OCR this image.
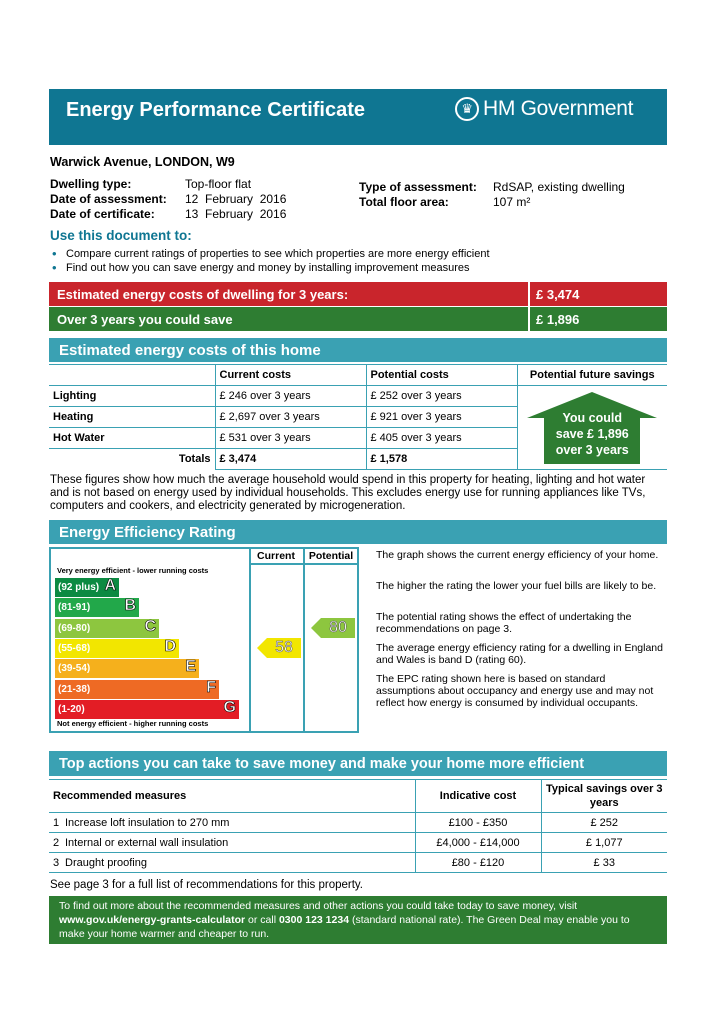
Energy Performance Certificate	♛ HM Government
Warwick Avenue, LONDON, W9
Dwelling type:	Top-floor flat
Date of assessment: 12  February  2016
Date of certificate:	13  February  2016
Type of assessment: RdSAP, existing dwelling
Total floor area:	107 m²
Use this document to:
• Compare current ratings of properties to see which properties are more energy efficient
• Find out how you can save energy and money by installing improvement measures
Estimated energy costs of dwelling for 3 years:	£ 3,474
Over 3 years you could save	£ 1,896
Estimated energy costs of this home
	Current costs	Potential costs	Potential future savings
Lighting	£ 246 over 3 years	£ 252 over 3 years	You could
save £ 1,896
over 3 years

Heating	£ 2,697 over 3 years	£ 921 over 3 years	
Hot Water	£ 531 over 3 years	£ 405 over 3 years	
Totals	£ 3,474	£ 1,578	
These figures show how much the average household would spend in this property for heating, lighting and hot water and is not based on energy used by individual households. This excludes energy use for running appliances like TVs, computers and cookers, and electricity generated by microgeneration.
Energy Efficiency Rating
Current	Potential
Very energy efficient - lower running costs
(92 plus) A
(81-91) B
(69-80)	C
(55-68)	D
(39-54)	E
(21-38)	F
(1-20)	G
Not energy efficient - higher running costs
58
80
The graph shows the current energy efficiency of your home.
The higher the rating the lower your fuel bills are likely to be.
The potential rating shows the effect of undertaking the recommendations on page 3.
The average energy efficiency rating for a dwelling in England and Wales is band D (rating 60).
The EPC rating shown here is based on standard assumptions about occupancy and energy use and may not reflect how energy is consumed by individual occupants.
Top actions you can take to save money and make your home more efficient
Recommended measures	Indicative cost	Typical savings over 3 years
1 Increase loft insulation to 270 mm	£100 - £350	£ 252
2 Internal or external wall insulation	£4,000 - £14,000	£ 1,077
3 Draught proofing	£80 - £120	£ 33
See page 3 for a full list of recommendations for this property.
To find out more about the recommended measures and other actions you could take today to save money, visit www.gov.uk/energy-grants-calculator or call 0300 123 1234 (standard national rate). The Green Deal may enable you to make your home warmer and cheaper to run.
